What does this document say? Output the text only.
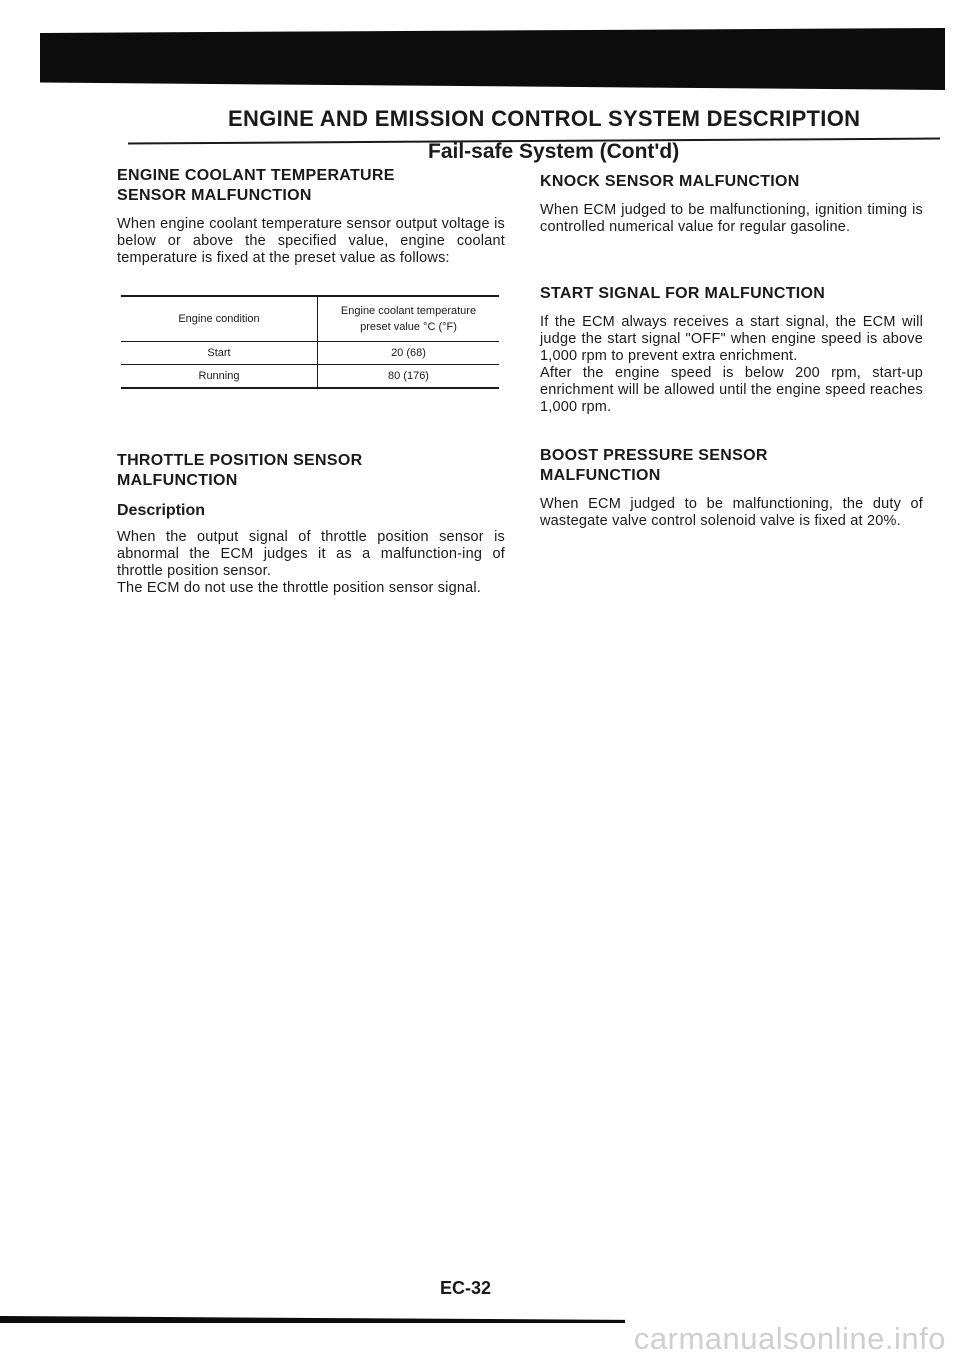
ENGINE AND EMISSION CONTROL SYSTEM DESCRIPTION
Fail-safe System (Cont'd)
ENGINE COOLANT TEMPERATURE
SENSOR MALFUNCTION

When engine coolant temperature sensor output voltage is below or above the specified value, engine coolant temperature is fixed at the preset value as follows:

Engine condition	Engine coolant temperature
preset value °C (°F)
Start	20 (68)
Running	80 (176)
THROTTLE POSITION SENSOR
MALFUNCTION
Description

When the output signal of throttle position sensor is abnormal the ECM judges it as a malfunction-ing of throttle position sensor.

The ECM do not use the throttle position sensor signal.

KNOCK SENSOR MALFUNCTION

When ECM judged to be malfunctioning, ignition timing is controlled numerical value for regular gasoline.

START SIGNAL FOR MALFUNCTION

If the ECM always receives a start signal, the ECM will judge the start signal "OFF" when engine speed is above 1,000 rpm to prevent extra enrichment.

After the engine speed is below 200 rpm, start-up enrichment will be allowed until the engine speed reaches 1,000 rpm.

BOOST PRESSURE SENSOR
MALFUNCTION

When ECM judged to be malfunctioning, the duty of wastegate valve control solenoid valve is fixed at 20%.

EC-32
carmanualsonline.info
